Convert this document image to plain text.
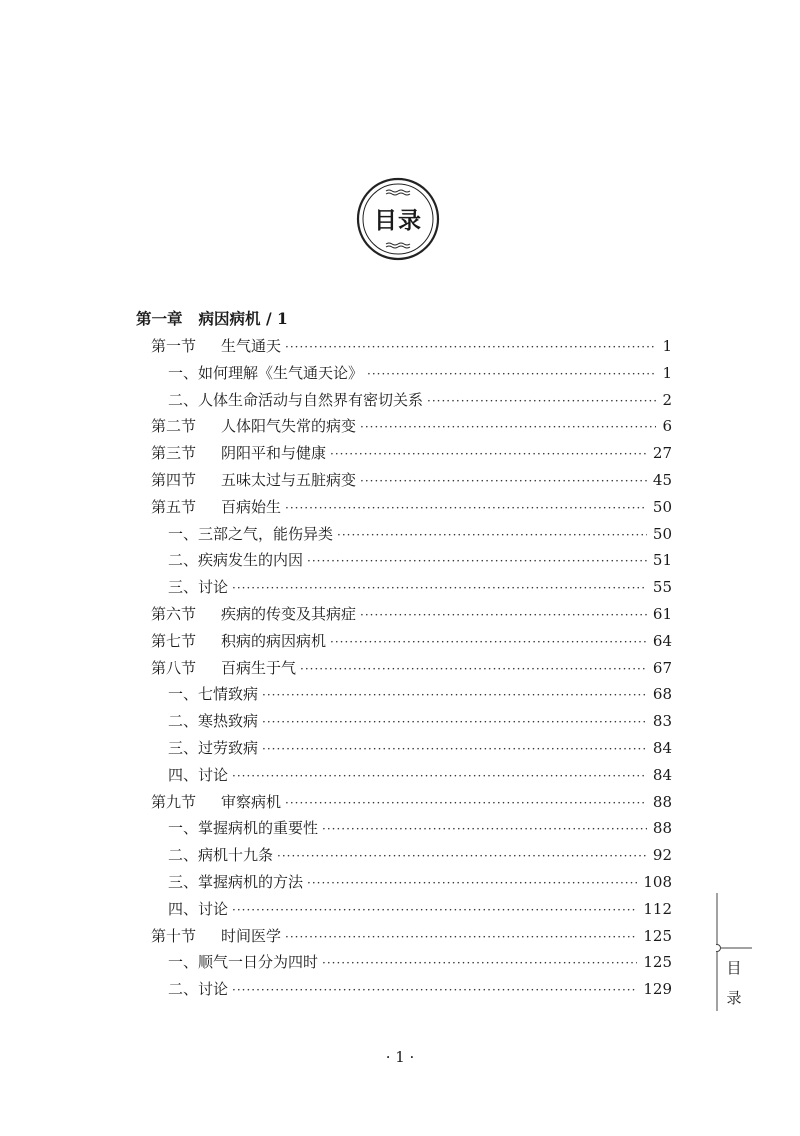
目录
第一章 病因病机 / 1
第一节 生气通天 ·····	1
一、如何理解《生气通天论》 ·····	1
二、人体生命活动与自然界有密切关系 ·····	2
第二节 人体阳气失常的病变 ·····	6
第三节 阴阳平和与健康 ·····	27
第四节 五味太过与五脏病变 ·····	45
第五节 百病始生 ·····	50
一、三部之气，能伤异类 ·····	50
二、疾病发生的内因 ·····	51
三、讨论 ·····	55
第六节 疾病的传变及其病症 ·····	61
第七节 积病的病因病机 ·····	64
第八节 百病生于气 ·····	67
一、七情致病 ·····	68
二、寒热致病 ·····	83
三、过劳致病 ·····	84
四、讨论 ·····	84
第九节 审察病机 ·····	88
一、掌握病机的重要性 ·····	88
二、病机十九条 ·····	92
三、掌握病机的方法 ·····	108
四、讨论 ·····	112
第十节 时间医学 ·····	125
一、顺气一日分为四时 ·····	125
二、讨论 ·····	129
目
录
· 1 ·
